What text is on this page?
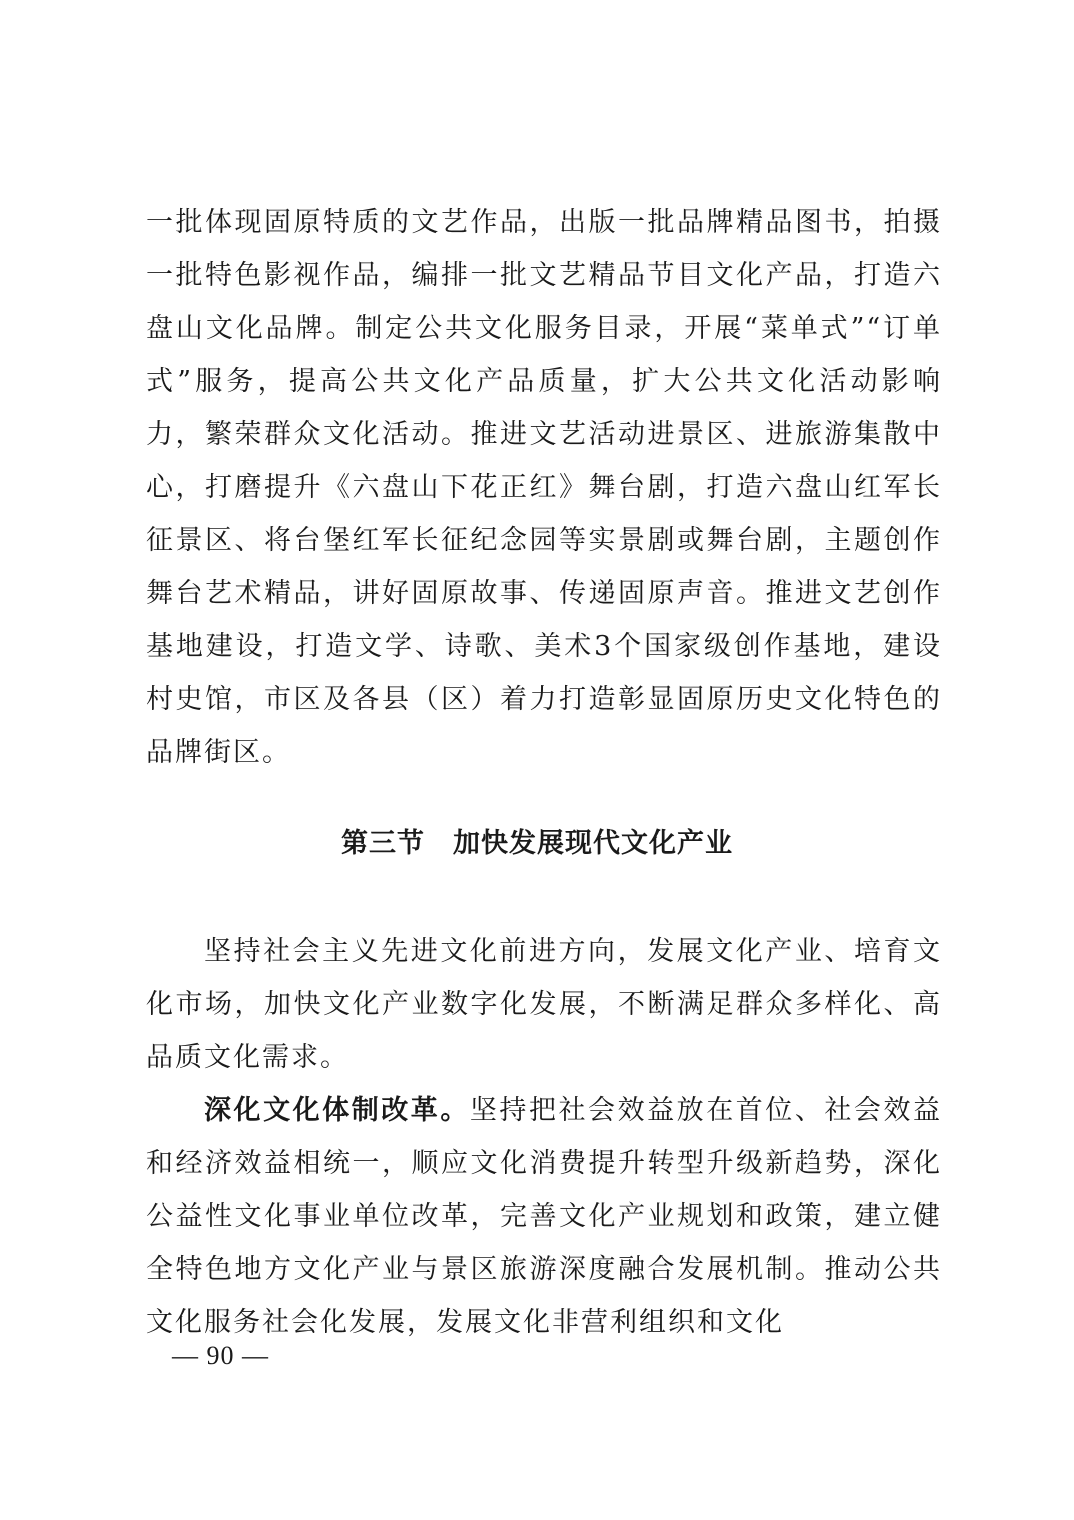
一批体现固原特质的文艺作品，出版一批品牌精品图书，拍摄一批特色影视作品，编排一批文艺精品节目文化产品，打造六盘山文化品牌。制定公共文化服务目录，开展“菜单式”“订单式”服务，提高公共文化产品质量，扩大公共文化活动影响力，繁荣群众文化活动。推进文艺活动进景区、进旅游集散中心，打磨提升《六盘山下花正红》舞台剧，打造六盘山红军长征景区、将台堡红军长征纪念园等实景剧或舞台剧，主题创作舞台艺术精品，讲好固原故事、传递固原声音。推进文艺创作基地建设，打造文学、诗歌、美术3个国家级创作基地，建设村史馆，市区及各县（区）着力打造彰显固原历史文化特色的品牌街区。

第三节　加快发展现代文化产业

坚持社会主义先进文化前进方向，发展文化产业、培育文化市场，加快文化产业数字化发展，不断满足群众多样化、高品质文化需求。

深化文化体制改革。坚持把社会效益放在首位、社会效益和经济效益相统一，顺应文化消费提升转型升级新趋势，深化公益性文化事业单位改革，完善文化产业规划和政策，建立健全特色地方文化产业与景区旅游深度融合发展机制。推动公共文化服务社会化发展，发展文化非营利组织和文化

— 90 —
